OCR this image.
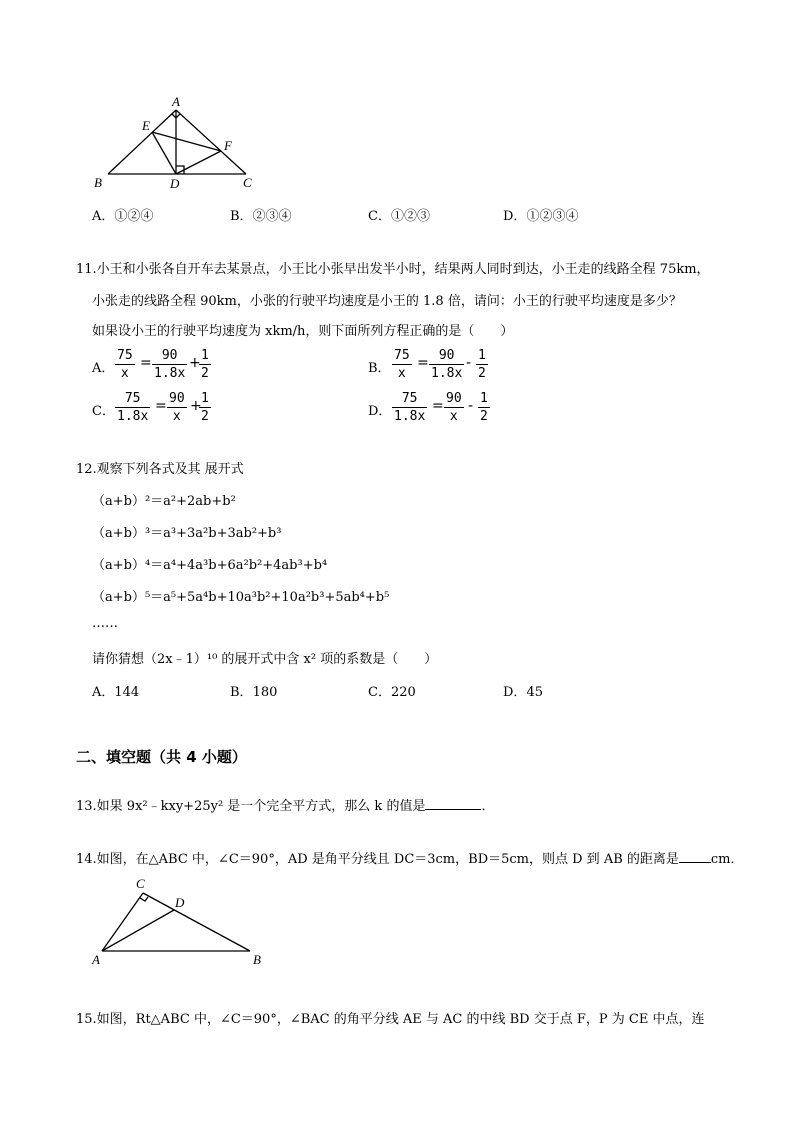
A
E
F
B	D	C
A．①②④	B．②③④	C．①②③	D．①②③④
11.小王和小张各自开车去某景点，小王比小张早出发半小时，结果两人同时到达，小王走的线路全程 75km，
小张走的线路全程 90km，小张的行驶平均速度是小王的 1.8 倍，请问：小王的行驶平均速度是多少？
如果设小王的行驶平均速度为 xkm/h，则下面所列方程正确的是（　　）
A． $\frac{75}{x} = \frac{90}{1.8x}$ +
$\frac{1}{2}$	B． $\frac{75}{x} = \frac{90}{1.8x} - \frac{1}{2}$
C． $\frac{75}{1.8x} = \frac{90}{x}$ +
$\frac{1}{2}$	D． $\frac{75}{1.8x} = \frac{90}{x} - \frac{1}{2}$
12.观察下列各式及其 展开式
（a+b）²＝a²+2ab+b²
（a+b）³＝a³+3a²b+3ab²+b³
（a+b）⁴＝a⁴+4a³b+6a²b²+4ab³+b⁴
（a+b）⁵＝a⁵+5a⁴b+10a³b²+10a²b³+5ab⁴+b⁵
……
请你猜想（2x﹣1）¹⁰ 的展开式中含 x² 项的系数是（　　）
A．144	B．180	C．220	D．45
二、填空题（共 4 小题）
13.如果 9x²﹣kxy+25y² 是一个完全平方式，那么 k 的值是	．
14.如图，在△ABC 中，∠C＝90°，AD 是角平分线且 DC＝3cm，BD＝5cm，则点 D 到 AB 的距离是 cm．
C
D
A	B
15.如图，Rt△ABC 中，∠C＝90°，∠BAC 的角平分线 AE 与 AC 的中线 BD 交于点 F，P 为 CE 中点，连
